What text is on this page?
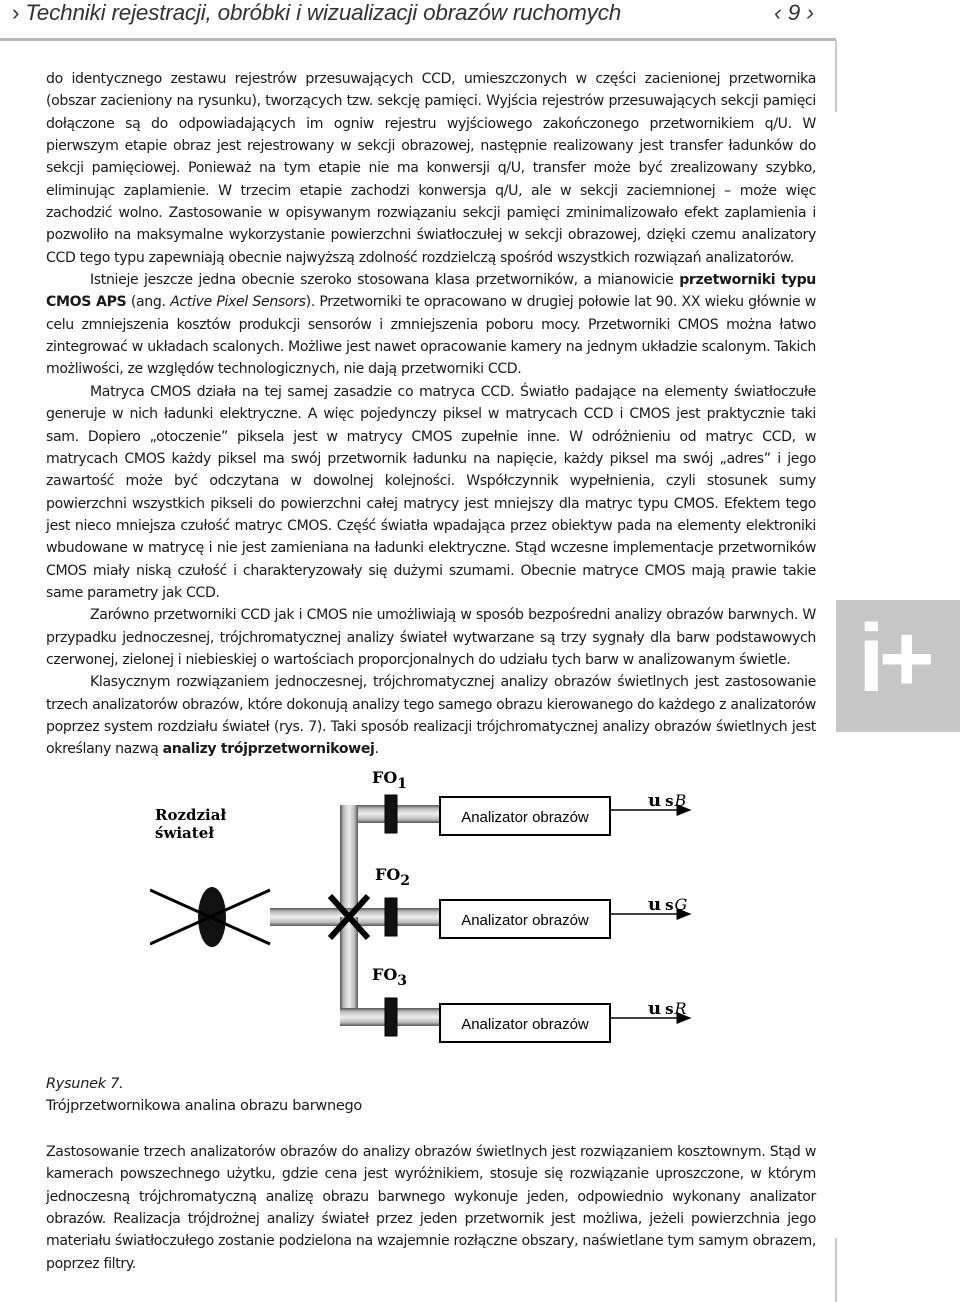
› Techniki rejestracji, obróbki i wizualizacji obrazów ruchomych	‹ 9 ›
i+

do identycznego zestawu rejestrów przesuwających CCD, umieszczonych w części zacienionej przetwornika (obszar zacieniony na rysunku), tworzących tzw. sekcję pamięci. Wyjścia rejestrów przesuwających sekcji pamięci dołączone są do odpowiadających im ogniw rejestru wyjściowego zakończonego przetwornikiem q/U. W pierwszym etapie obraz jest rejestrowany w sekcji obrazowej, następnie realizowany jest transfer ładunków do sekcji pamięciowej. Ponieważ na tym etapie nie ma konwersji q/U, transfer może być zrealizowany szybko, eliminując zaplamienie. W trzecim etapie zachodzi konwersja q/U, ale w sekcji zaciemnionej – może więc zachodzić wolno. Zastosowanie w opisywanym rozwiązaniu sekcji pamięci zminimalizowało efekt zaplamienia i pozwoliło na maksymalne wykorzystanie powierzchni światłoczułej w sekcji obrazowej, dzięki czemu analizatory CCD tego typu zapewniają obecnie najwyższą zdolność rozdzielczą spośród wszystkich rozwiązań analizatorów.

Istnieje jeszcze jedna obecnie szeroko stosowana klasa przetworników, a mianowicie przetworniki typu CMOS APS (ang. Active Pixel Sensors). Przetworniki te opracowano w drugiej połowie lat 90. XX wieku głównie w celu zmniejszenia kosztów produkcji sensorów i zmniejszenia poboru mocy. Przetworniki CMOS można łatwo zintegrować w układach scalonych. Możliwe jest nawet opracowanie kamery na jednym układzie scalonym. Takich możliwości, ze względów technologicznych, nie dają przetworniki CCD.

Matryca CMOS działa na tej samej zasadzie co matryca CCD. Światło padające na elementy światłoczułe generuje w nich ładunki elektryczne. A więc pojedynczy piksel w matrycach CCD i CMOS jest praktycznie taki sam. Dopiero „otoczenie” piksela jest w matrycy CMOS zupełnie inne. W odróżnieniu od matryc CCD, w matrycach CMOS każdy piksel ma swój przetwornik ładunku na napięcie, każdy piksel ma swój „adres” i jego zawartość może być odczytana w dowolnej kolejności. Współczynnik wypełnienia, czyli stosunek sumy powierzchni wszystkich pikseli do powierzchni całej matrycy jest mniejszy dla matryc typu CMOS. Efektem tego jest nieco mniejsza czułość matryc CMOS. Część światła wpadająca przez obiektyw pada na elementy elektroniki wbudowane w matrycę i nie jest zamieniana na ładunki elektryczne. Stąd wczesne implementacje przetworników CMOS miały niską czułość i charakteryzowały się dużymi szumami. Obecnie matryce CMOS mają prawie takie same parametry jak CCD.

Zarówno przetworniki CCD jak i CMOS nie umożliwiają w sposób bezpośredni analizy obrazów barwnych. W przypadku jednoczesnej, trójchromatycznej analizy świateł wytwarzane są trzy sygnały dla barw podstawowych czerwonej, zielonej i niebieskiej o wartościach proporcjonalnych do udziału tych barw w analizowanym świetle.

Klasycznym rozwiązaniem jednoczesnej, trójchromatycznej analizy obrazów świetlnych jest zastosowanie trzech analizatorów obrazów, które dokonują analizy tego samego obrazu kierowanego do każdego z analizatorów poprzez system rozdziału świateł (rys. 7). Taki sposób realizacji trójchromatycznej analizy obrazów świetlnych jest określany nazwą analizy trójprzetwornikowej.

Rozdział
świateł
FO1
FO2
FO3
Analizator obrazów
Analizator obrazów
Analizator obrazów
u sB
u sG
u sR
Rysunek 7.
Trójprzetwornikowa analina obrazu barwnego

Zastosowanie trzech analizatorów obrazów do analizy obrazów świetlnych jest rozwiązaniem kosztownym. Stąd w kamerach powszechnego użytku, gdzie cena jest wyróżnikiem, stosuje się rozwiązanie uproszczone, w którym jednoczesną trójchromatyczną analizę obrazu barwnego wykonuje jeden, odpowiednio wykonany analizator obrazów. Realizacja trójdrożnej analizy świateł przez jeden przetwornik jest możliwa, jeżeli powierzchnia jego materiału światłoczułego zostanie podzielona na wzajemnie rozłączne obszary, naświetlane tym samym obrazem, poprzez filtry.
